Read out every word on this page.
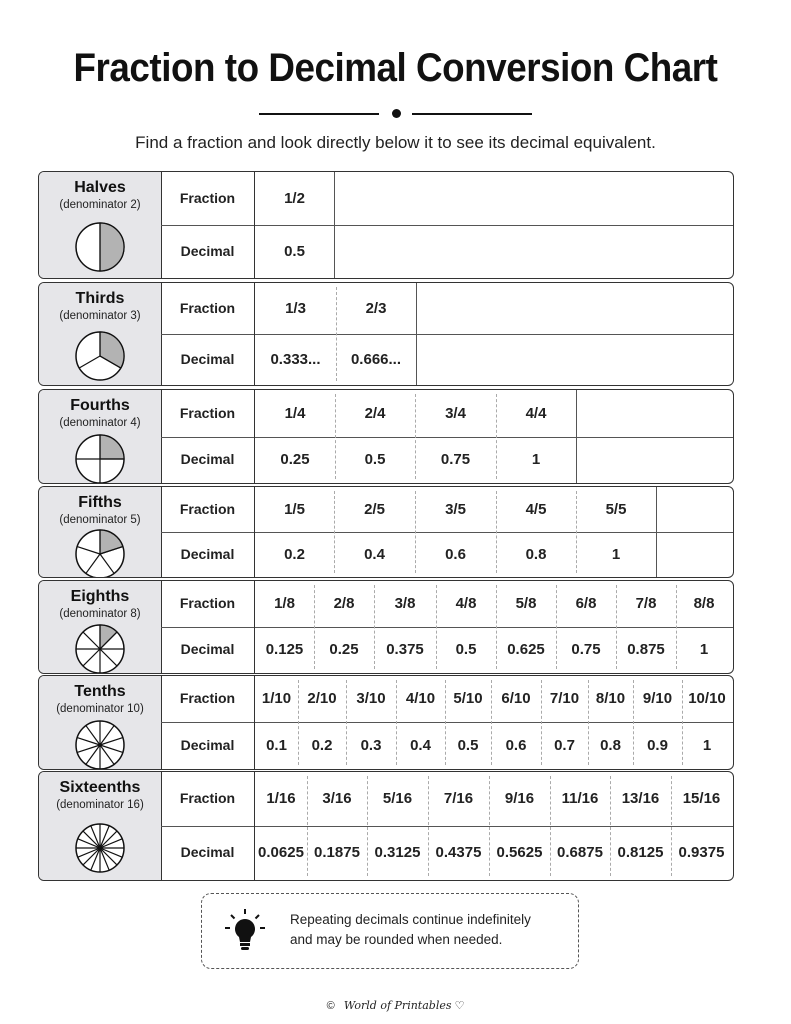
Fraction to Decimal Conversion Chart
Find a fraction and look directly below it to see its decimal equivalent.
Halves
(denominator 2)	Fraction
Decimal
1/2
0.5
Thirds
(denominator 3)
Fraction
Decimal
1/3
0.333...
2/3
0.666...
Fourths
(denominator 4)
Fraction
Decimal
1/4
0.25
2/4
0.5
3/4
0.75
4/4
1
Fifths
(denominator 5)
Fraction
Decimal
1/5
0.2
2/5
0.4
3/5
0.6
4/5
0.8
5/5
1
Eighths
(denominator 8)
Fraction
Decimal
1/8
0.125
2/8
0.25
3/8
0.375
4/8
0.5
5/8
0.625
6/8
0.75
7/8
0.875
8/8
1
Tenths
(denominator 10)
Fraction
Decimal
1/10
0.1
2/10
0.2
3/10
0.3
4/10
0.4
5/10
0.5
6/10
0.6
7/10
0.7
8/10
0.8
9/10
0.9
10/10
1
Sixteenths
(denominator 16)	Fraction
Decimal
1/16
0.0625
3/16
0.1875
5/16
0.3125
7/16
0.4375
9/16
0.5625
11/16
0.6875
13/16
0.8125
15/16
0.9375
Repeating decimals continue indefinitely
and may be rounded when needed.
© World of Printables ♡
